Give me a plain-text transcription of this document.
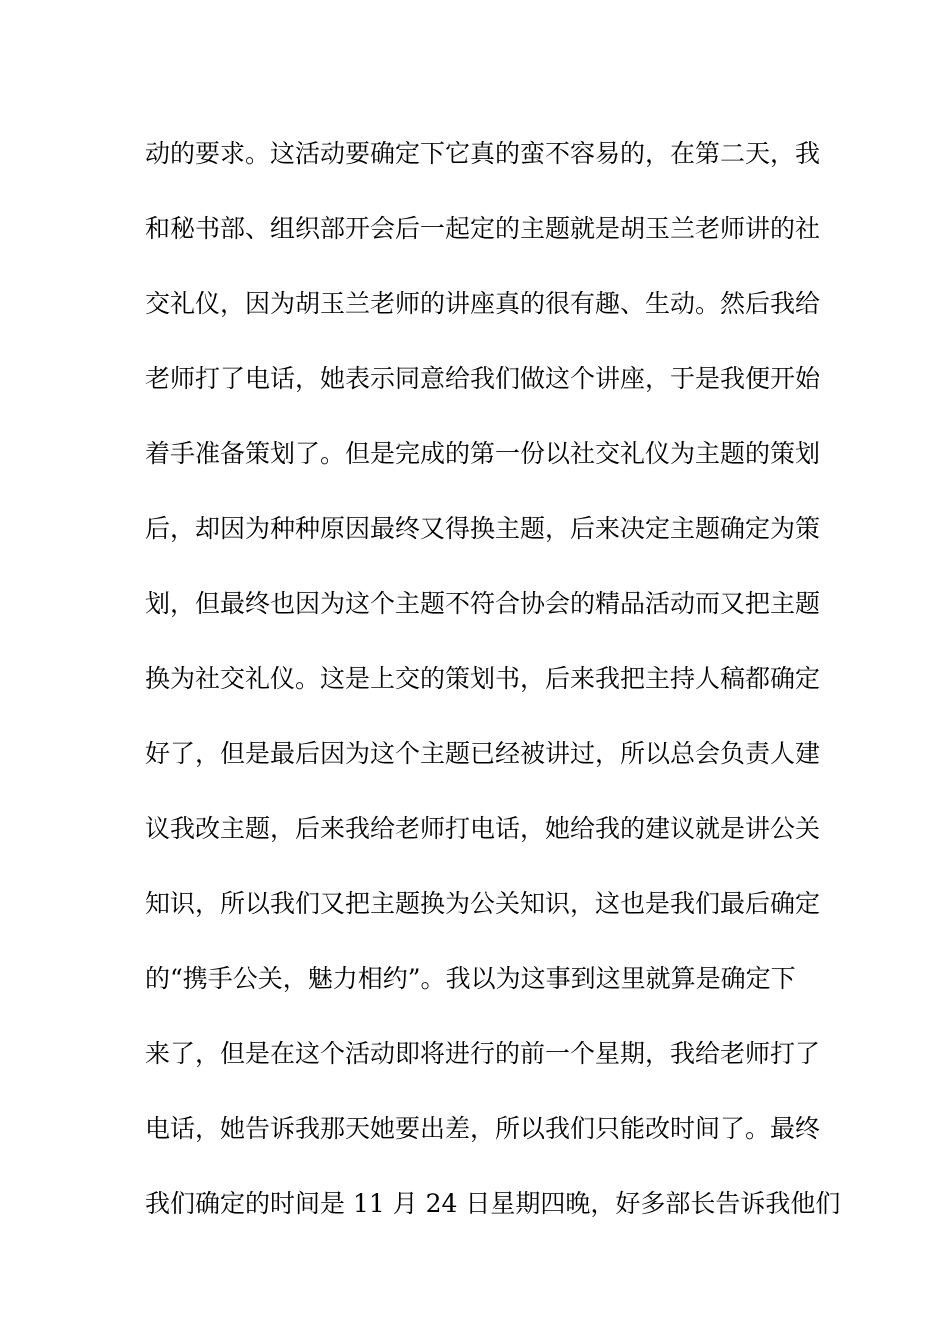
动的要求。这活动要确定下它真的蛮不容易的，在第二天，我
和秘书部、组织部开会后一起定的主题就是胡玉兰老师讲的社
交礼仪，因为胡玉兰老师的讲座真的很有趣、生动。然后我给
老师打了电话，她表示同意给我们做这个讲座，于是我便开始
着手准备策划了。但是完成的第一份以社交礼仪为主题的策划
后，却因为种种原因最终又得换主题，后来决定主题确定为策
划，但最终也因为这个主题不符合协会的精品活动而又把主题
换为社交礼仪。这是上交的策划书，后来我把主持人稿都确定
好了，但是最后因为这个主题已经被讲过，所以总会负责人建
议我改主题，后来我给老师打电话，她给我的建议就是讲公关
知识，所以我们又把主题换为公关知识，这也是我们最后确定
的“携手公关，魅力相约”。我以为这事到这里就算是确定下
来了，但是在这个活动即将进行的前一个星期，我给老师打了
电话，她告诉我那天她要出差，所以我们只能改时间了。最终
我们确定的时间是 11 月 24 日星期四晚，好多部长告诉我他们
